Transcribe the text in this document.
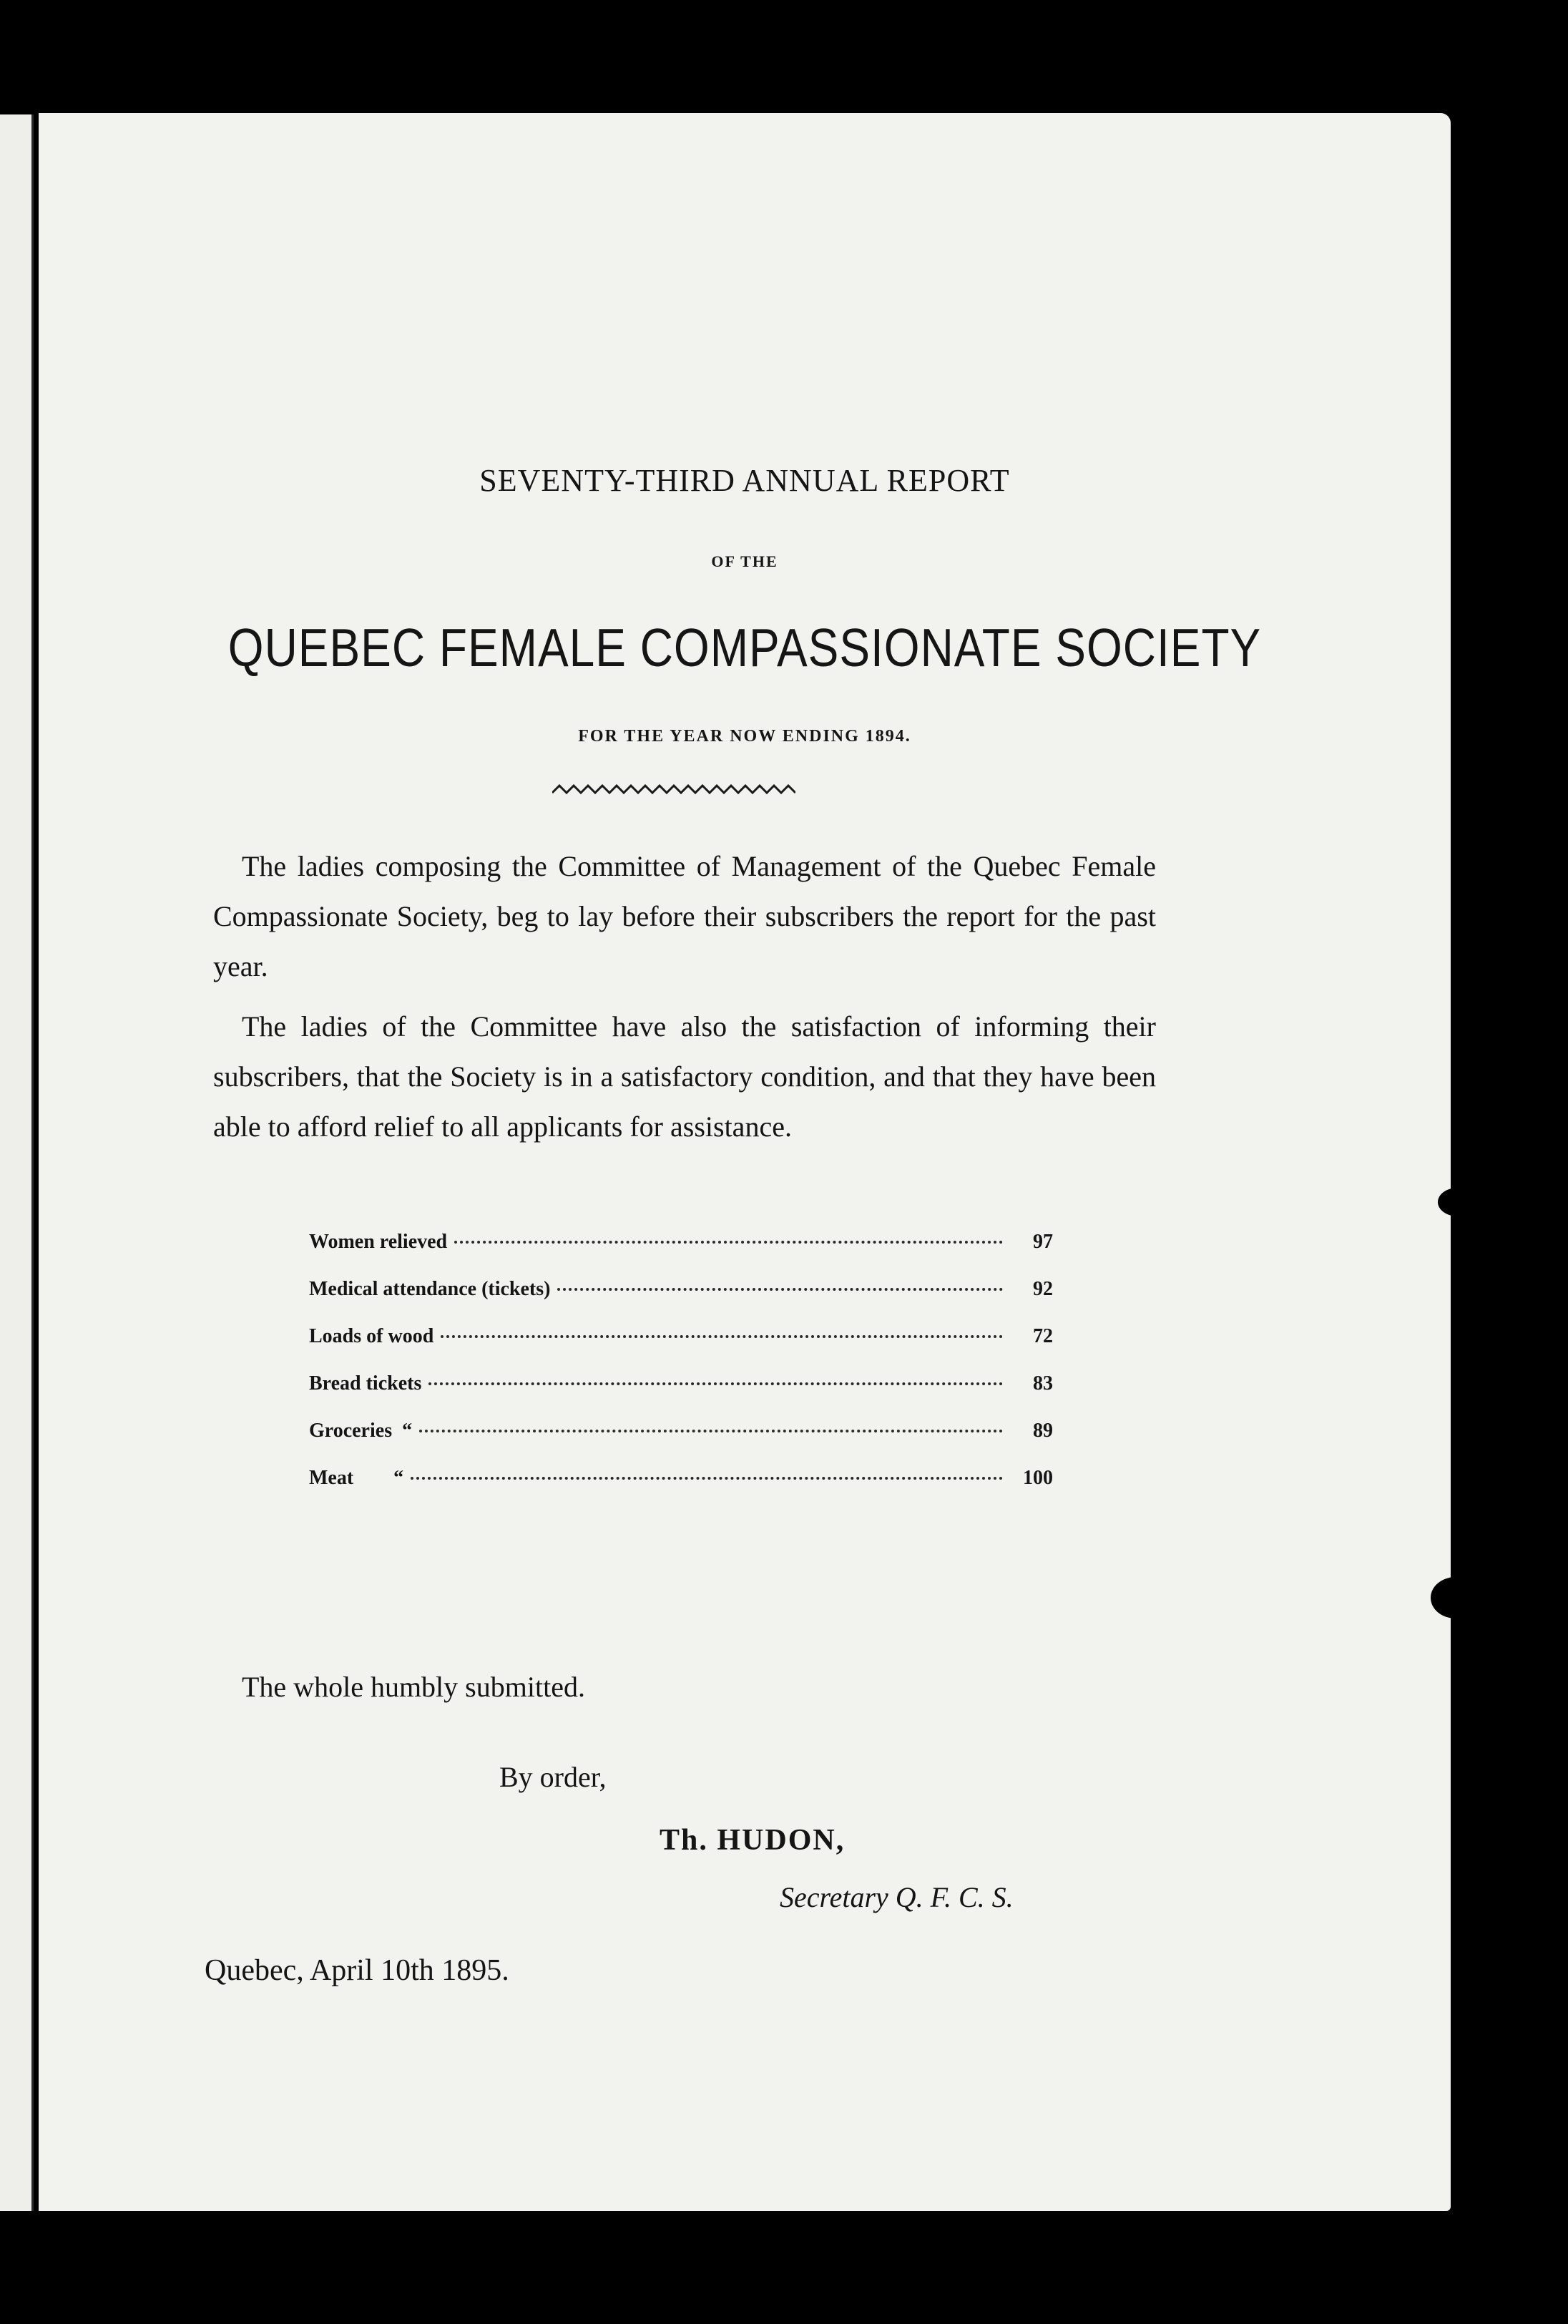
SEVENTY-THIRD ANNUAL REPORT
OF THE
QUEBEC FEMALE COMPASSIONATE SOCIETY
FOR THE YEAR NOW ENDING 1894.
The ladies composing the Committee of Management of the Quebec Female Compassionate Society, beg to lay before their subscribers the report for the past year.
The ladies of the Committee have also the satisfaction of informing their subscribers, that the Society is in a satisfactory condition, and that they have been able to afford relief to all applicants for assistance.
Women relieved	97
Medical attendance (tickets)	92
Loads of wood	72
Bread tickets	83
Groceries  “	89
Meat        “	100
The whole humbly submitted.
By order,
Th. HUDON,
Secretary Q. F. C. S.
Quebec, April 10th 1895.
